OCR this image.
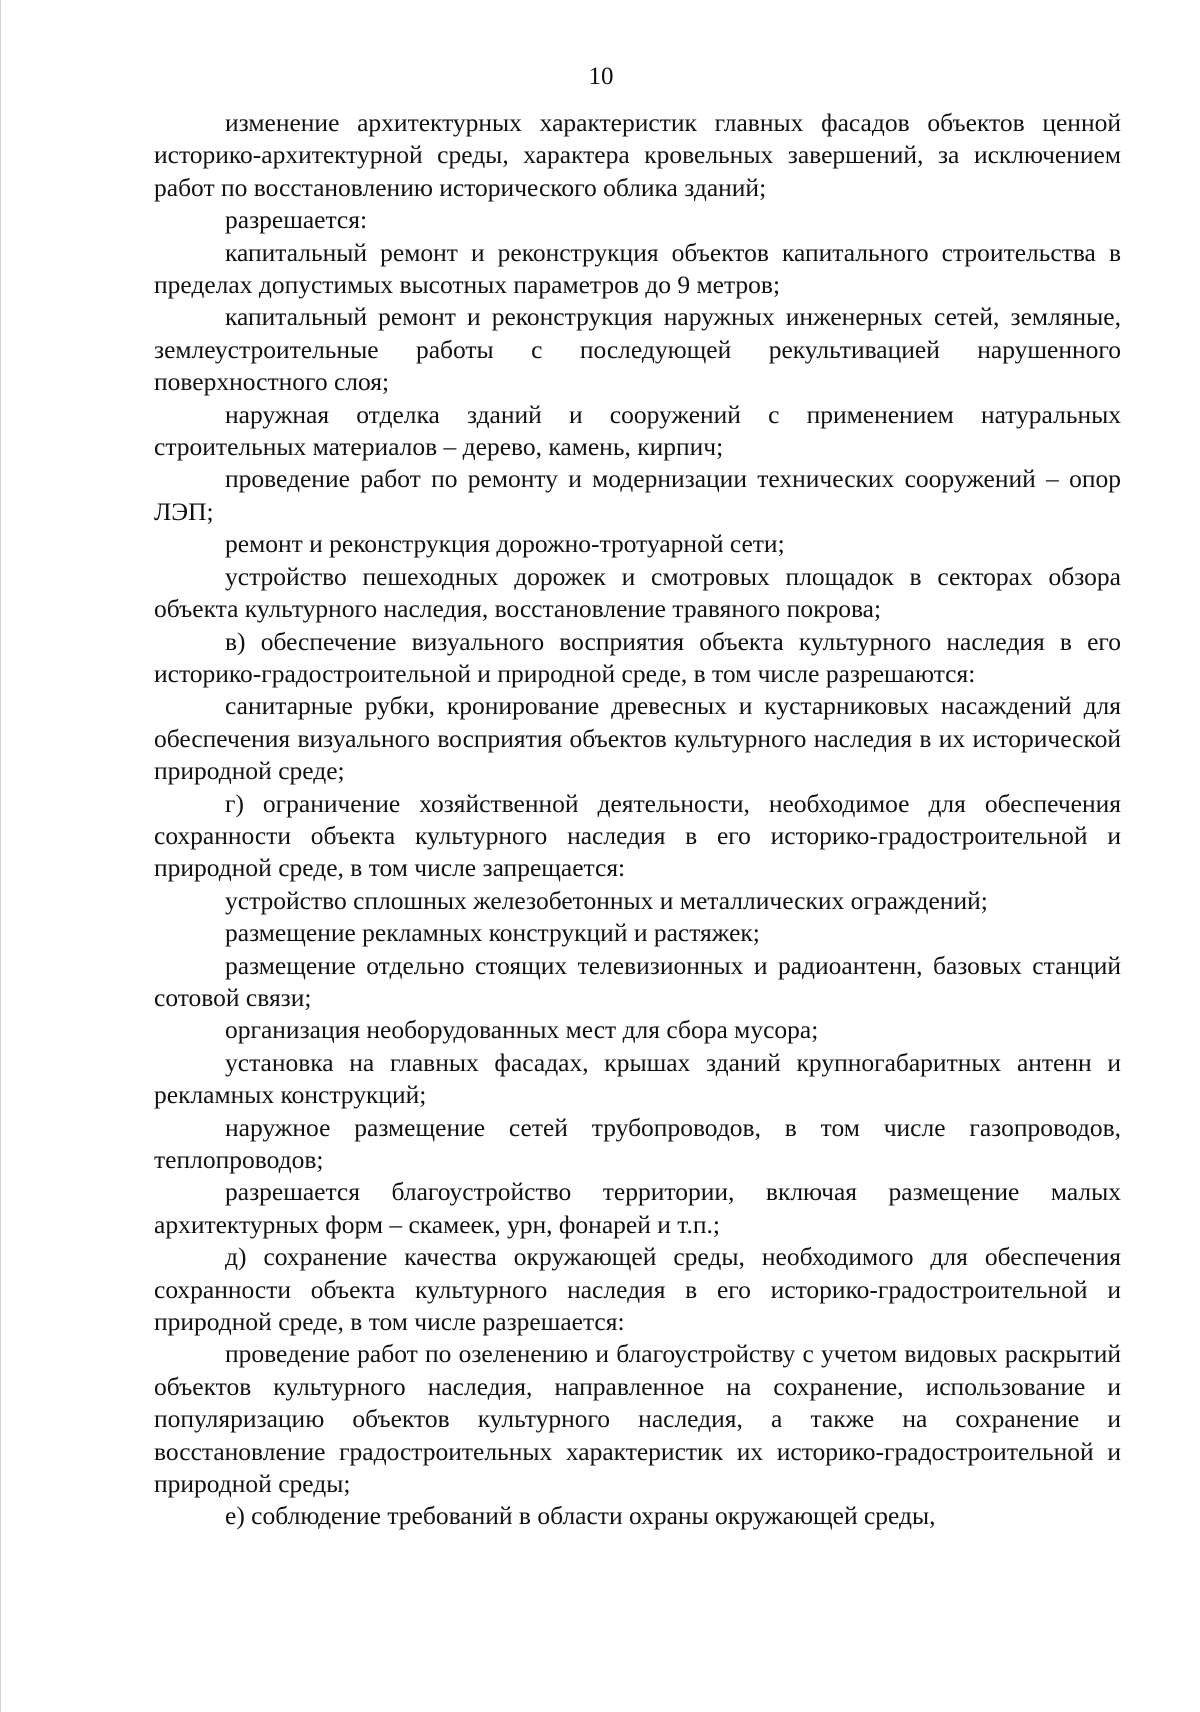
10

изменение архитектурных характеристик главных фасадов объектов ценной историко-архитектурной среды, характера кровельных завершений, за исключением работ по восстановлению исторического облика зданий;

разрешается:

капитальный ремонт и реконструкция объектов капитального строительства в пределах допустимых высотных параметров до 9 метров;

капитальный ремонт и реконструкция наружных инженерных сетей, земляные, землеустроительные работы с последующей рекультивацией нарушенного поверхностного слоя;

наружная отделка зданий и сооружений с применением натуральных строительных материалов – дерево, камень, кирпич;

проведение работ по ремонту и модернизации технических сооружений – опор ЛЭП;

ремонт и реконструкция дорожно-тротуарной сети;

устройство пешеходных дорожек и смотровых площадок в секторах обзора объекта культурного наследия, восстановление травяного покрова;

в) обеспечение визуального восприятия объекта культурного наследия в его историко-градостроительной и природной среде, в том числе разрешаются:

санитарные рубки, кронирование древесных и кустарниковых насаждений для обеспечения визуального восприятия объектов культурного наследия в их исторической природной среде;

г) ограничение хозяйственной деятельности, необходимое для обеспечения сохранности объекта культурного наследия в его историко-градостроительной и природной среде, в том числе запрещается:

устройство сплошных железобетонных и металлических ограждений;

размещение рекламных конструкций и растяжек;

размещение отдельно стоящих телевизионных и радиоантенн, базовых станций сотовой связи;

организация необорудованных мест для сбора мусора;

установка на главных фасадах, крышах зданий крупногабаритных антенн и рекламных конструкций;

наружное размещение сетей трубопроводов, в том числе газопроводов, теплопроводов;

разрешается благоустройство территории, включая размещение малых архитектурных форм – скамеек, урн, фонарей и т.п.;

д) сохранение качества окружающей среды, необходимого для обеспечения сохранности объекта культурного наследия в его историко-градостроительной и природной среде, в том числе разрешается:

проведение работ по озеленению и благоустройству с учетом видовых раскрытий объектов культурного наследия, направленное на сохранение, использование и популяризацию объектов культурного наследия, а также на сохранение и восстановление градостроительных характеристик их историко-градостроительной и природной среды;

е) соблюдение требований в области охраны окружающей среды,
